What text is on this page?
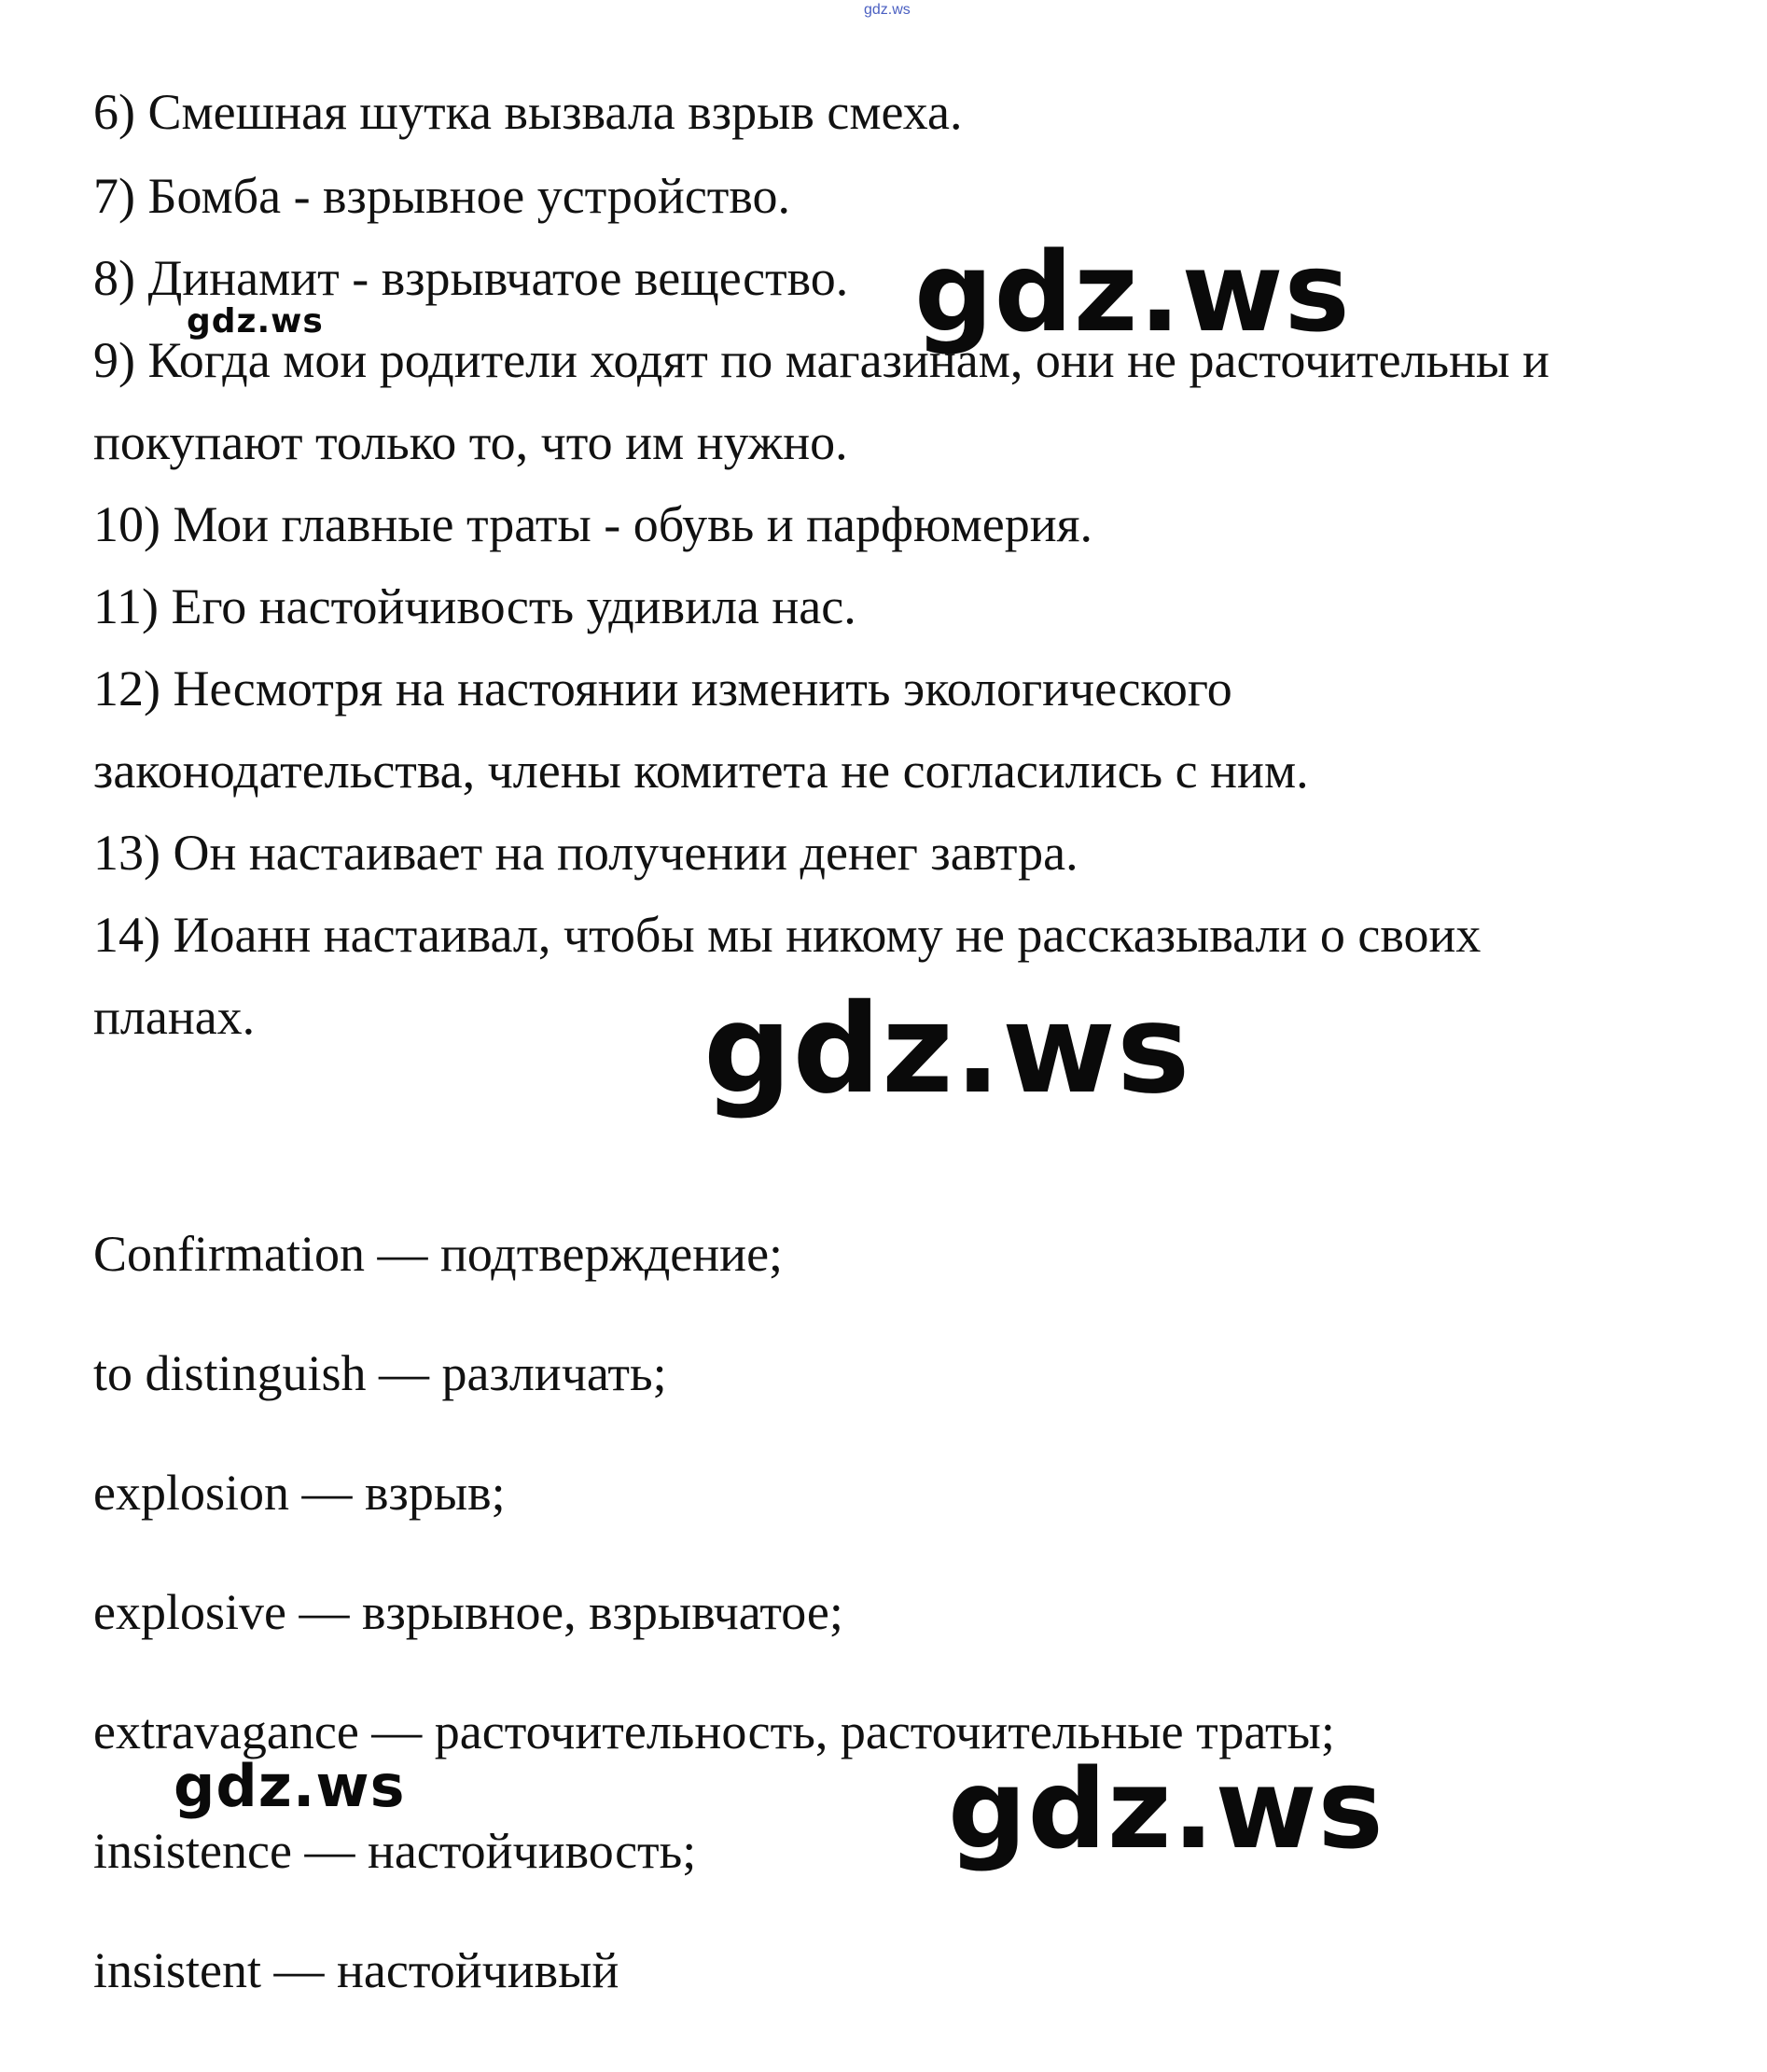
gdz.ws
6) Смешная шутка вызвала взрыв смеха.
7) Бомба - взрывное устройство.
8) Динамит - взрывчатое вещество.
9) Когда мои родители ходят по магазинам, они не расточительны и
покупают только то, что им нужно.
10) Мои главные траты - обувь и парфюмерия.
11) Его настойчивость удивила нас.
12) Несмотря на настоянии изменить экологического
законодательства, члены комитета не согласились с ним.
13) Он настаивает на получении денег завтра.
14) Иоанн настаивал, чтобы мы никому не рассказывали о своих
планах.
Confirmation — подтверждение;
to distinguish — различать;
explosion — взрыв;
explosive — взрывное, взрывчатое;
extravagance — расточительность, расточительные траты;
insistence — настойчивость;
insistent — настойчивый
gdz.ws	gdz.ws
gdz.ws
gdz.ws	gdz.ws
